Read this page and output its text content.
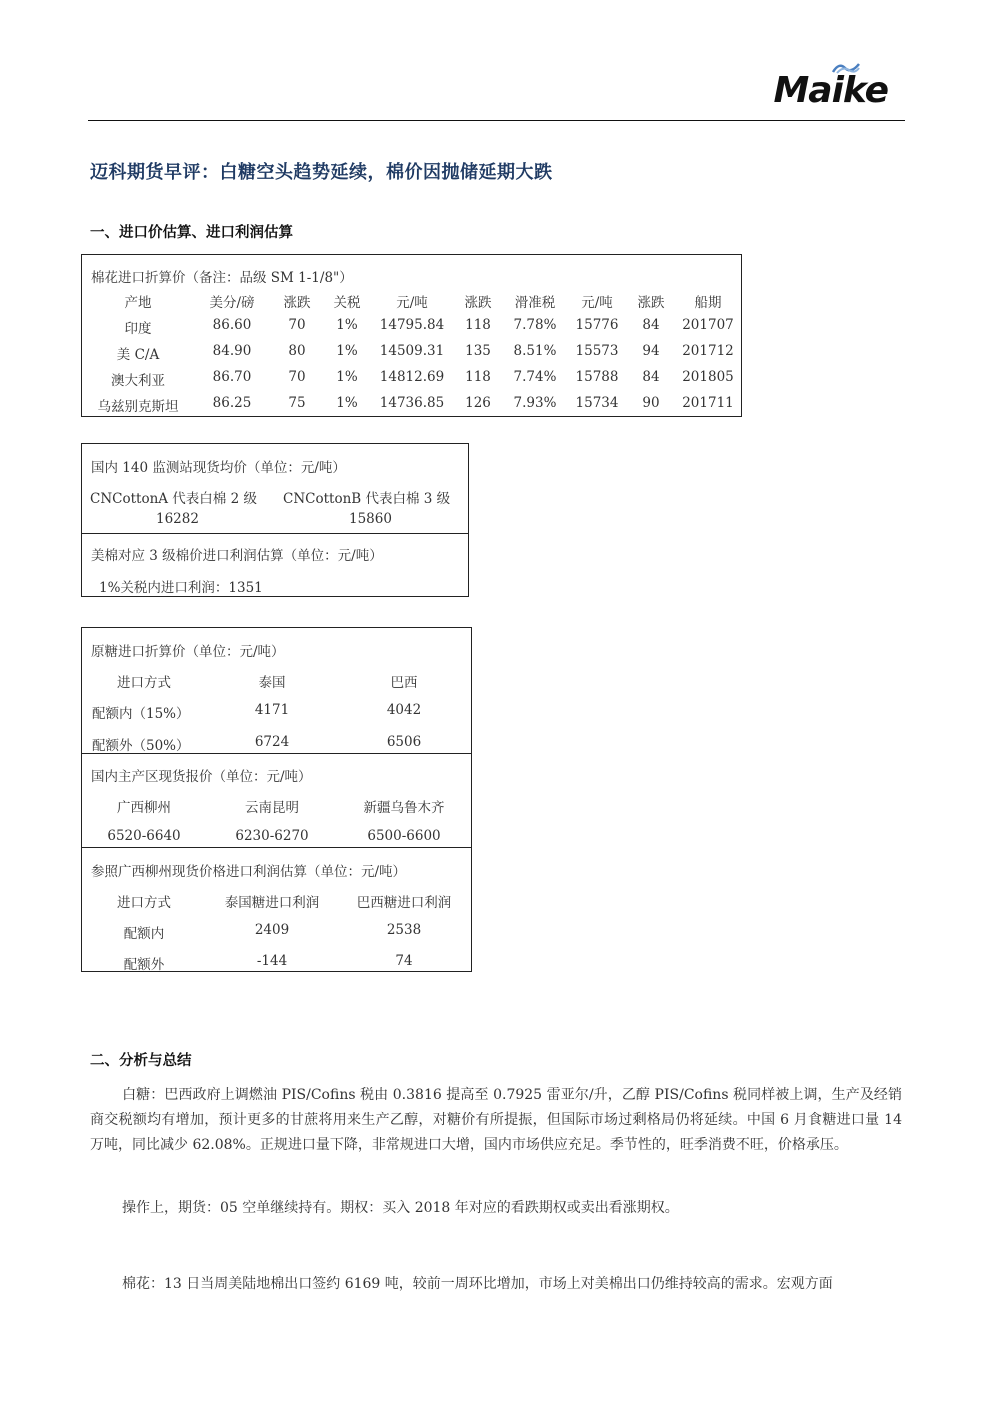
Maike
迈科期货早评：白糖空头趋势延续，棉价因抛储延期大跌
一、进口价估算、进口利润估算
棉花进口折算价（备注：品级 SM 1-1/8"）
产地	美分/磅	涨跌	关税	元/吨	涨跌	滑准税	元/吨	涨跌	船期
印度	86.60	70	1%	14795.84	118	7.78%	15776	84	201707
美 C/A	84.90	80	1%	14509.31	135	8.51%	15573	94	201712
澳大利亚	86.70	70	1%	14812.69	118	7.74%	15788	84	201805
乌兹别克斯坦	86.25	75	1%	14736.85	126	7.93%	15734	90	201711
国内 140 监测站现货均价（单位：元/吨）
CNCottonA 代表白棉 2 级 CNCottonB 代表白棉 3 级
16282	15860
美棉对应 3 级棉价进口利润估算（单位：元/吨）
1%关税内进口利润：1351
原糖进口折算价（单位：元/吨）
进口方式	泰国	巴西
配额内（15%）	4171	4042
配额外（50%）	6724	6506
国内主产区现货报价（单位：元/吨）
广西柳州	云南昆明	新疆乌鲁木齐
6520-6640	6230-6270	6500-6600
参照广西柳州现货价格进口利润估算（单位：元/吨）
进口方式	泰国糖进口利润	巴西糖进口利润
配额内	2409	2538
配额外	-144	74
二、分析与总结
白糖：巴西政府上调燃油 PIS/Cofins 税由 0.3816 提高至 0.7925 雷亚尔/升，乙醇 PIS/Cofins 税同样被上调，生产及经销商交税额均有增加，预计更多的甘蔗将用来生产乙醇，对糖价有所提振，但国际市场过剩格局仍将延续。中国 6 月食糖进口量 14 万吨，同比减少 62.08%。正规进口量下降，非常规进口大增，国内市场供应充足。季节性的，旺季消费不旺，价格承压。
操作上，期货：05 空单继续持有。期权：买入 2018 年对应的看跌期权或卖出看涨期权。
棉花：13 日当周美陆地棉出口签约 6169 吨，较前一周环比增加，市场上对美棉出口仍维持较高的需求。宏观方面
